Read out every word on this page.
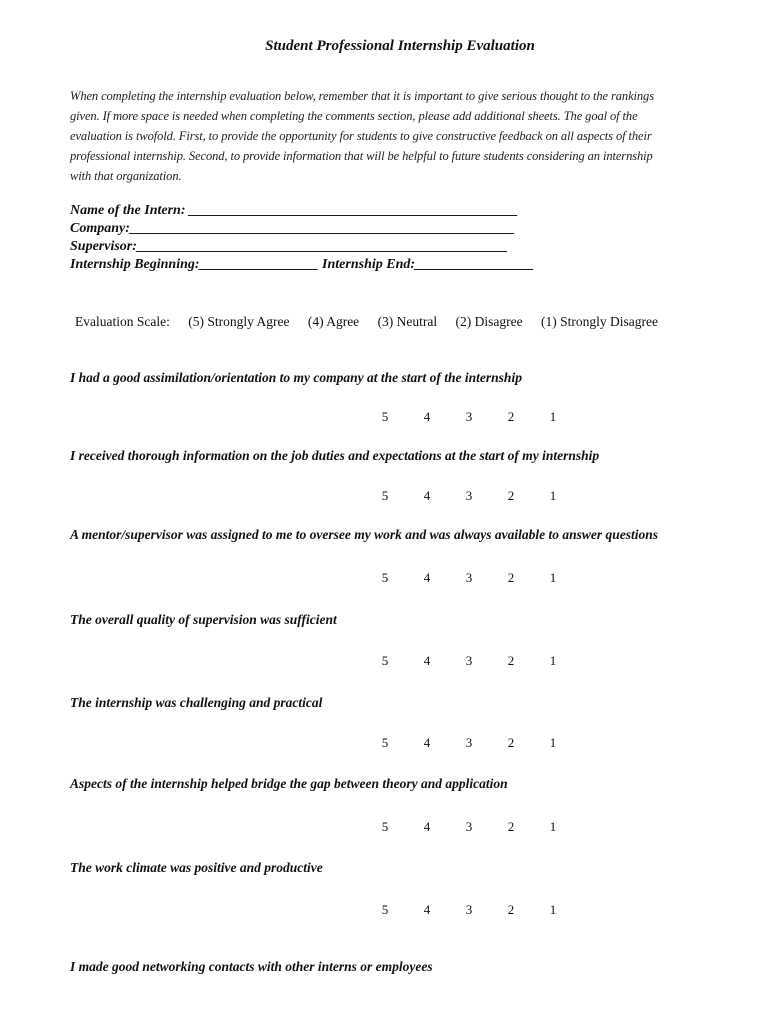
Student Professional Internship Evaluation
When completing the internship evaluation below, remember that it is important to give serious thought to the rankings
given. If more space is needed when completing the comments section, please add additional sheets. The goal of the
evaluation is twofold. First, to provide the opportunity for students to give constructive feedback on all aspects of their
professional internship. Second, to provide information that will be helpful to future students considering an internship
with that organization.
Name of the Intern: _______________________________________________
Company:_______________________________________________________
Supervisor:_____________________________________________________
Internship Beginning:_________________ Internship End:_________________
Evaluation Scale: (5) Strongly Agree (4) Agree (3) Neutral (2) Disagree (1) Strongly Disagree
I had a good assimilation/orientation to my company at the start of the internship
5	4	3	2	1
I received thorough information on the job duties and expectations at the start of my internship
5	4	3	2	1
A mentor/supervisor was assigned to me to oversee my work and was always available to answer questions
5	4	3	2	1
The overall quality of supervision was sufficient
5	4	3	2	1
The internship was challenging and practical
5	4	3	2	1
Aspects of the internship helped bridge the gap between theory and application
5	4	3	2	1
The work climate was positive and productive
5	4	3	2	1
I made good networking contacts with other interns or employees
